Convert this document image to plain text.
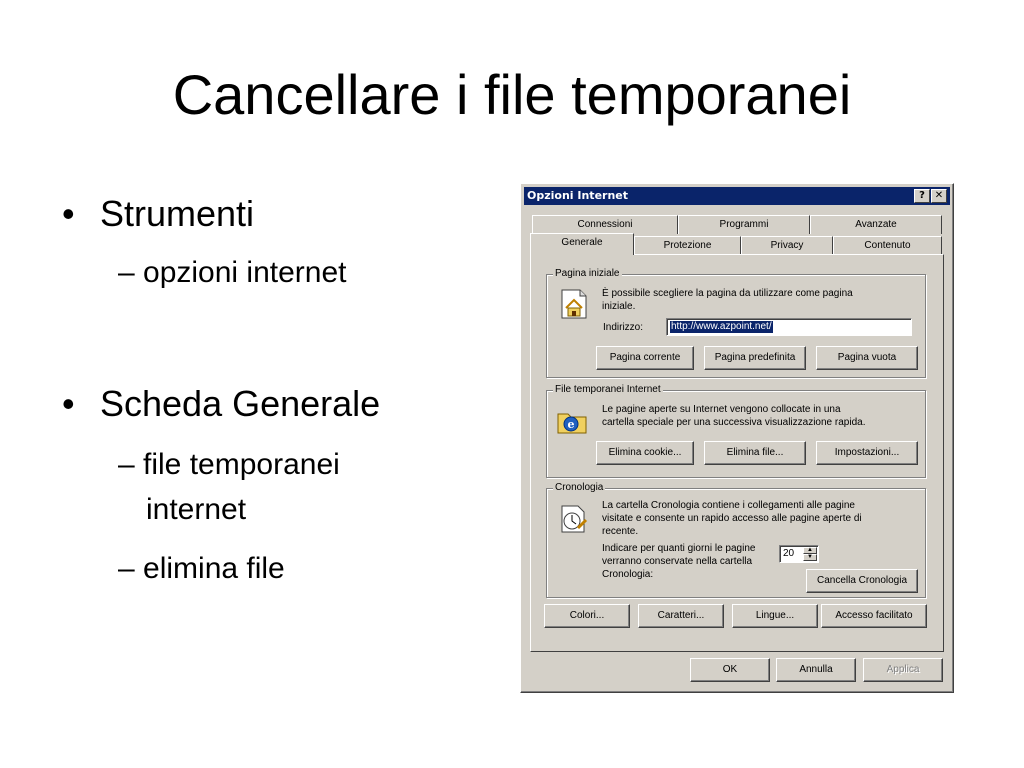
Cancellare i file temporanei
• Strumenti
– opzioni internet
• Scheda Generale
– file temporanei
internet
– elimina file
Opzioni Internet	? ✕
Connessioni	Programmi	Avanzate
Generale	Protezione	Privacy	Contenuto
Pagina iniziale
È possibile scegliere la pagina da utilizzare come pagina
iniziale.
Indirizzo:	http://www.azpoint.net/
Pagina corrente	Pagina predefinita	Pagina vuota
File temporanei Internet
e
Le pagine aperte su Internet vengono collocate in una
cartella speciale per una successiva visualizzazione rapida.
Elimina cookie...	Elimina file...	Impostazioni...
Cronologia
La cartella Cronologia contiene i collegamenti alle pagine
visitate e consente un rapido accesso alle pagine aperte di
recente.
Indicare per quanti giorni le pagine
verranno conservate nella cartella
Cronologia:
20	▲
▼
Cancella Cronologia
Colori...	Caratteri...	Lingue...	Accesso facilitato
OK	Annulla	Applica
